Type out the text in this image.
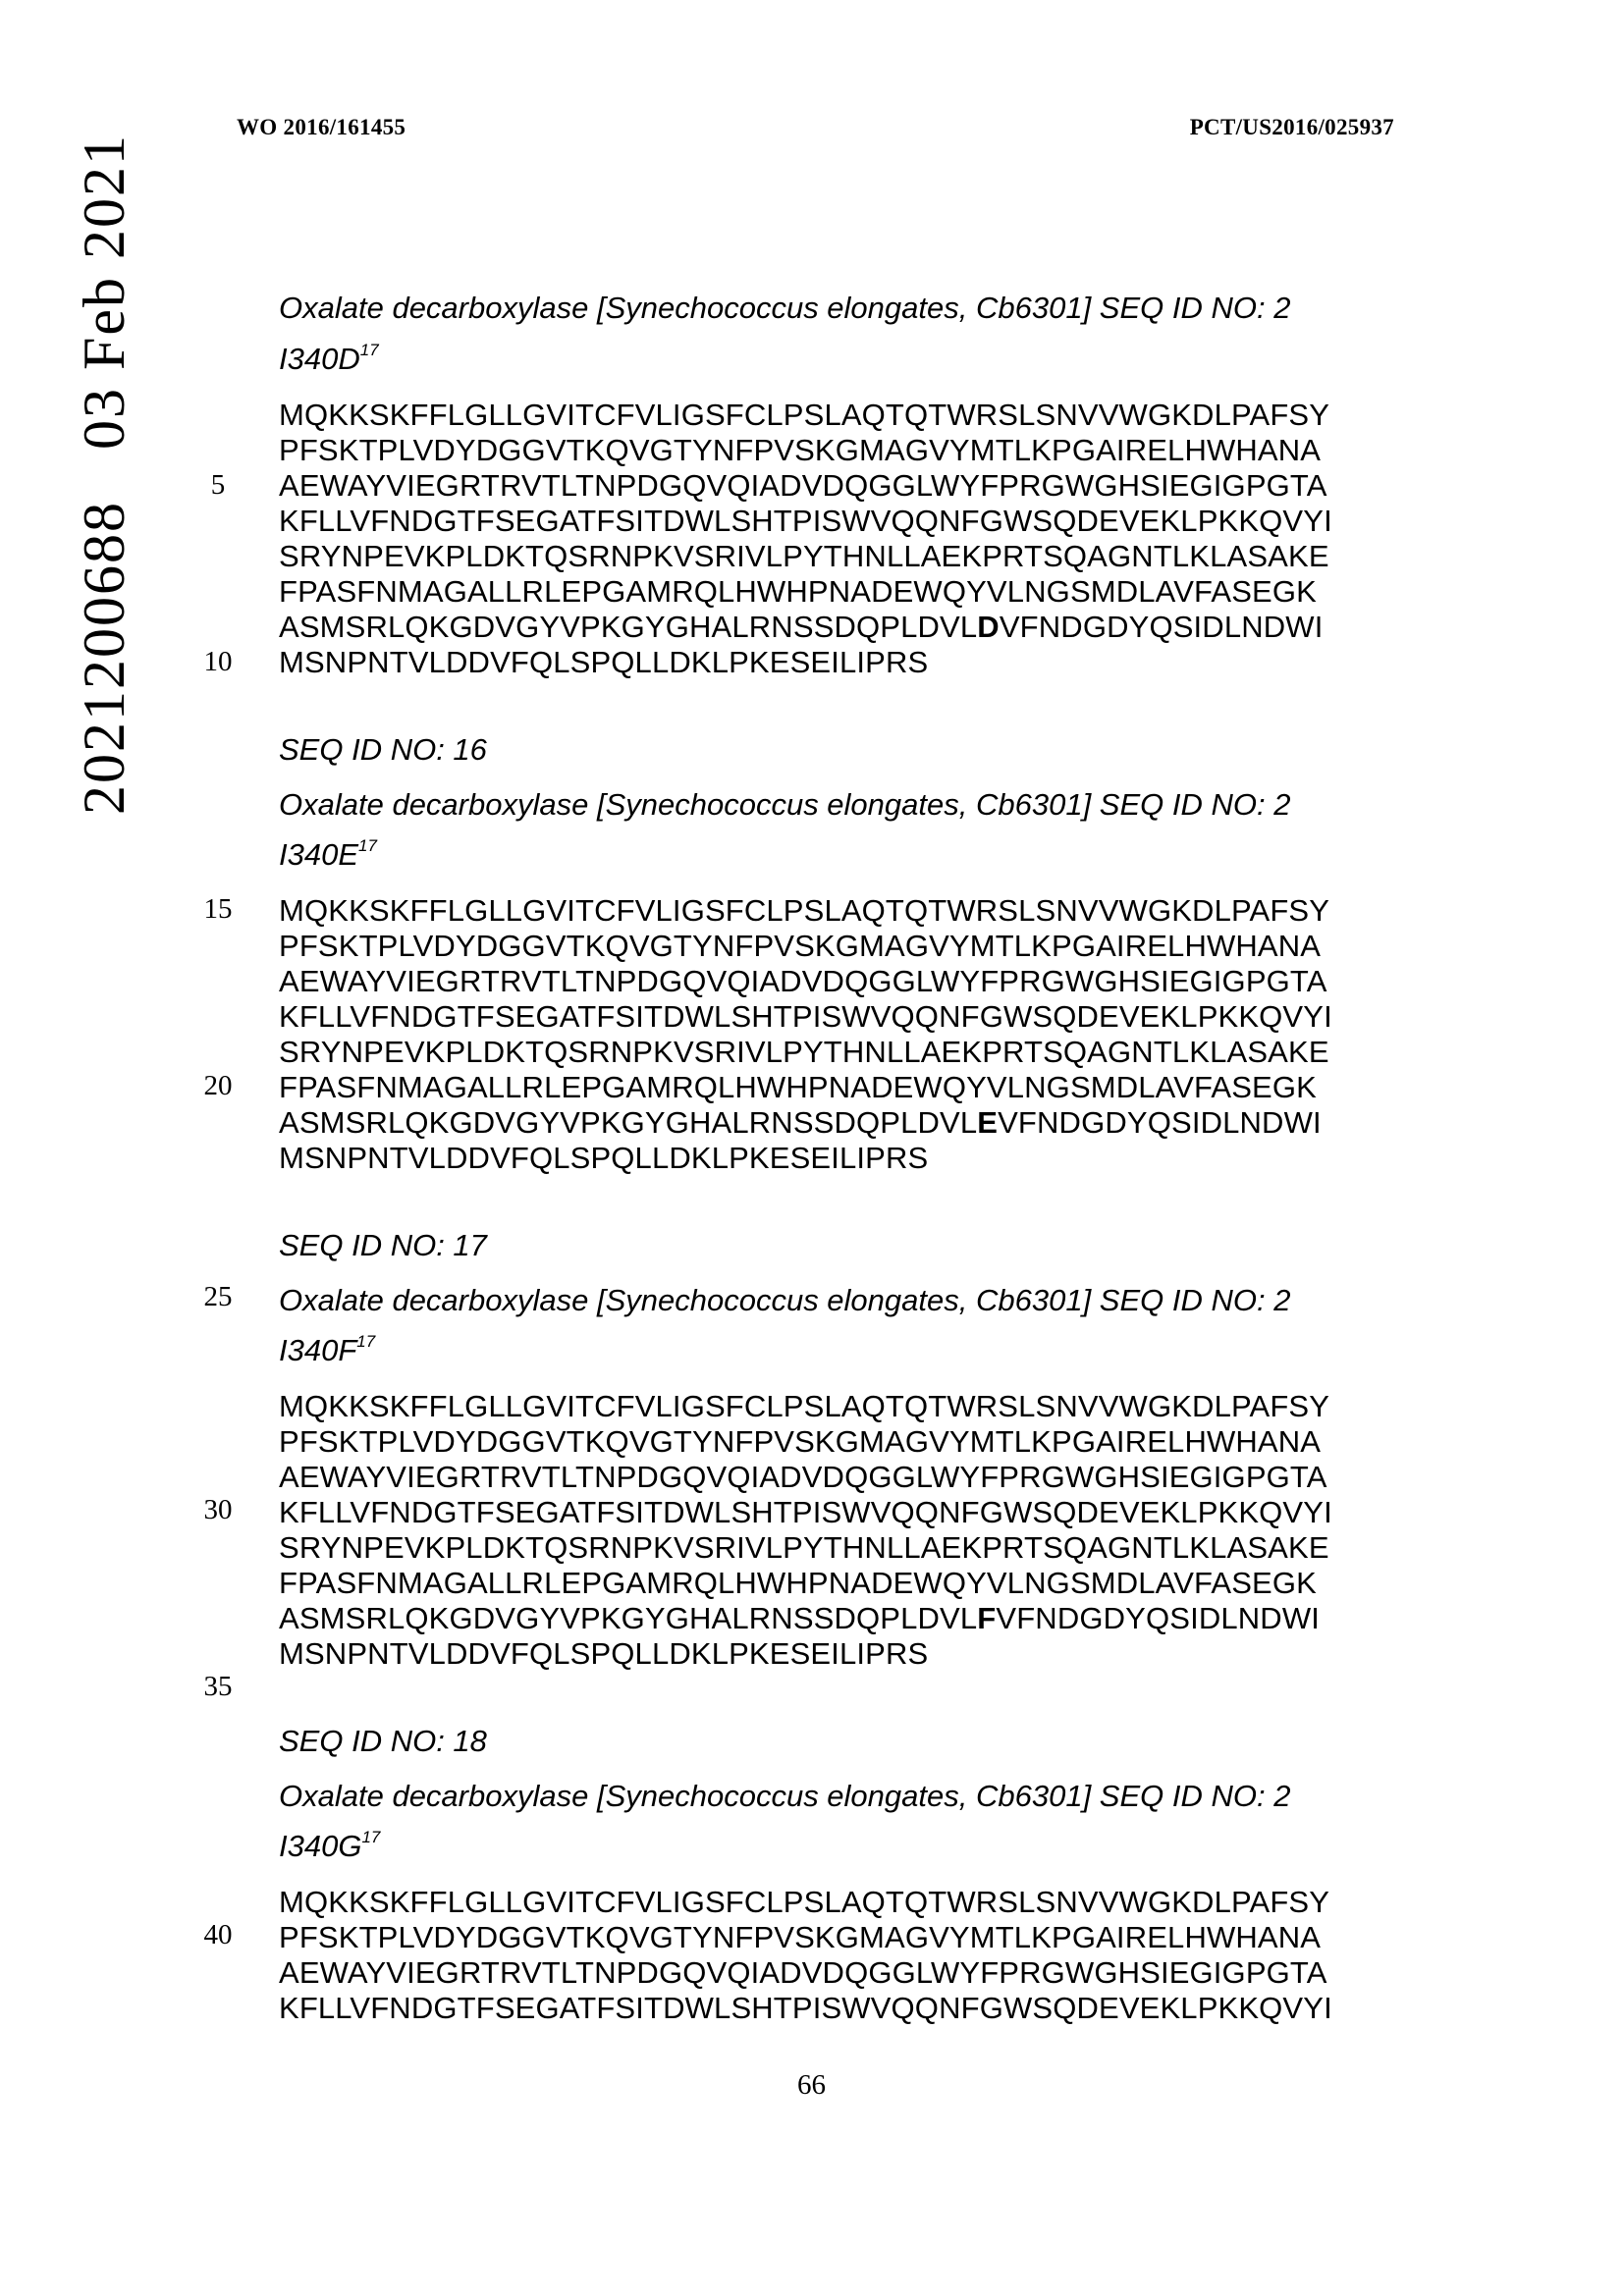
WO 2016/161455	PCT/US2016/025937
202120068803 Feb 2021
5
10
15
20
25
30
35
40
Oxalate decarboxylase [Synechococcus elongates, Cb6301] SEQ ID NO: 2
$I340D^{17}$
MQKKSKFFLGLLGVITCFVLIGSFCLPSLAQTQTWRSLSNVVWGKDLPAFSY
PFSKTPLVDYDGGVTKQVGTYNFPVSKGMAGVYMTLKPGAIRELHWHANA
AEWAYVIEGRTRVTLTNPDGQVQIADVDQGGLWYFPRGWGHSIEGIGPGTA
KFLLVFNDGTFSEGATFSITDWLSHTPISWVQQNFGWSQDEVEKLPKKQVYI
SRYNPEVKPLDKTQSRNPKVSRIVLPYTHNLLAEKPRTSQAGNTLKLASAKE
FPASFNMAGALLRLEPGAMRQLHWHPNADEWQYVLNGSMDLAVFASEGK
ASMSRLQKGDVGYVPKGYGHALRNSSDQPLDVLDVFNDGDYQSIDLNDWI
MSNPNTVLDDVFQLSPQLLDKLPKESEILIPRS
SEQ ID NO: 16
Oxalate decarboxylase [Synechococcus elongates, Cb6301] SEQ ID NO: 2
$I340E^{17}$
MQKKSKFFLGLLGVITCFVLIGSFCLPSLAQTQTWRSLSNVVWGKDLPAFSY
PFSKTPLVDYDGGVTKQVGTYNFPVSKGMAGVYMTLKPGAIRELHWHANA
AEWAYVIEGRTRVTLTNPDGQVQIADVDQGGLWYFPRGWGHSIEGIGPGTA
KFLLVFNDGTFSEGATFSITDWLSHTPISWVQQNFGWSQDEVEKLPKKQVYI
SRYNPEVKPLDKTQSRNPKVSRIVLPYTHNLLAEKPRTSQAGNTLKLASAKE
FPASFNMAGALLRLEPGAMRQLHWHPNADEWQYVLNGSMDLAVFASEGK
ASMSRLQKGDVGYVPKGYGHALRNSSDQPLDVLEVFNDGDYQSIDLNDWI
MSNPNTVLDDVFQLSPQLLDKLPKESEILIPRS
SEQ ID NO: 17
Oxalate decarboxylase [Synechococcus elongates, Cb6301] SEQ ID NO: 2
$I340F^{17}$
MQKKSKFFLGLLGVITCFVLIGSFCLPSLAQTQTWRSLSNVVWGKDLPAFSY
PFSKTPLVDYDGGVTKQVGTYNFPVSKGMAGVYMTLKPGAIRELHWHANA
AEWAYVIEGRTRVTLTNPDGQVQIADVDQGGLWYFPRGWGHSIEGIGPGTA
KFLLVFNDGTFSEGATFSITDWLSHTPISWVQQNFGWSQDEVEKLPKKQVYI
SRYNPEVKPLDKTQSRNPKVSRIVLPYTHNLLAEKPRTSQAGNTLKLASAKE
FPASFNMAGALLRLEPGAMRQLHWHPNADEWQYVLNGSMDLAVFASEGK
ASMSRLQKGDVGYVPKGYGHALRNSSDQPLDVLFVFNDGDYQSIDLNDWI
MSNPNTVLDDVFQLSPQLLDKLPKESEILIPRS
SEQ ID NO: 18
Oxalate decarboxylase [Synechococcus elongates, Cb6301] SEQ ID NO: 2
$I340G^{17}$
MQKKSKFFLGLLGVITCFVLIGSFCLPSLAQTQTWRSLSNVVWGKDLPAFSY
PFSKTPLVDYDGGVTKQVGTYNFPVSKGMAGVYMTLKPGAIRELHWHANA
AEWAYVIEGRTRVTLTNPDGQVQIADVDQGGLWYFPRGWGHSIEGIGPGTA
KFLLVFNDGTFSEGATFSITDWLSHTPISWVQQNFGWSQDEVEKLPKKQVYI
66
